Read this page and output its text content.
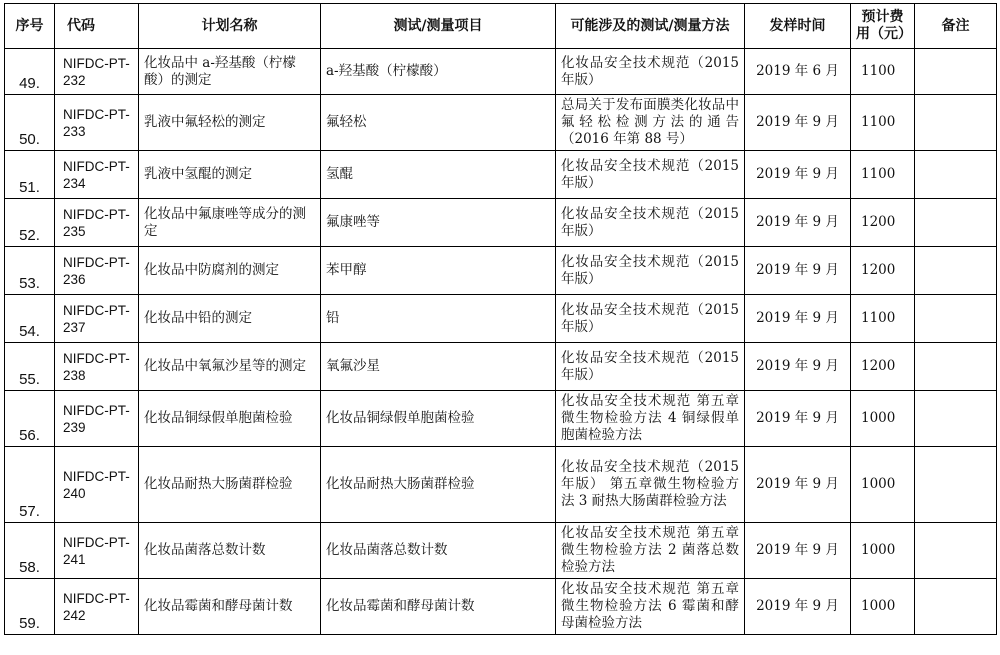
序号	代码	计划名称	测试/测量项目	可能涉及的测试/测量方法	发样时间	预计费用（元）	备注
49.	NIFDC-PT-232	化妆品中 a-羟基酸（柠檬酸）的测定	a-羟基酸（柠檬酸）	化妆品安全技术规范（2015年版）	2019 年 6 月	1100	
50.	NIFDC-PT-233	乳液中氟轻松的测定	氟轻松	总局关于发布面膜类化妆品中氟轻松检测方法的通告（2016 年第 88 号）	2019 年 9 月	1100	
51.	NIFDC-PT-234	乳液中氢醌的测定	氢醌	化妆品安全技术规范（2015年版）	2019 年 9 月	1100	
52.	NIFDC-PT-235	化妆品中氟康唑等成分的测定	氟康唑等	化妆品安全技术规范（2015年版）	2019 年 9 月	1200	
53.	NIFDC-PT-236	化妆品中防腐剂的测定	苯甲醇	化妆品安全技术规范（2015年版）	2019 年 9 月	1200	
54.	NIFDC-PT-237	化妆品中铅的测定	铅	化妆品安全技术规范（2015年版）	2019 年 9 月	1100	
55.	NIFDC-PT-238	化妆品中氧氟沙星等的测定	氧氟沙星	化妆品安全技术规范（2015年版）	2019 年 9 月	1200	
56.	NIFDC-PT-239	化妆品铜绿假单胞菌检验	化妆品铜绿假单胞菌检验	化妆品安全技术规范 第五章微生物检验方法 4 铜绿假单胞菌检验方法	2019 年 9 月	1000	
57.	NIFDC-PT-240	化妆品耐热大肠菌群检验	化妆品耐热大肠菌群检验	化妆品安全技术规范（2015年版） 第五章微生物检验方法 3 耐热大肠菌群检验方法	2019 年 9 月	1000	
58.	NIFDC-PT-241	化妆品菌落总数计数	化妆品菌落总数计数	化妆品安全技术规范 第五章微生物检验方法 2 菌落总数检验方法	2019 年 9 月	1000	
59.	NIFDC-PT-242	化妆品霉菌和酵母菌计数	化妆品霉菌和酵母菌计数	化妆品安全技术规范 第五章微生物检验方法 6 霉菌和酵母菌检验方法	2019 年 9 月	1000	
